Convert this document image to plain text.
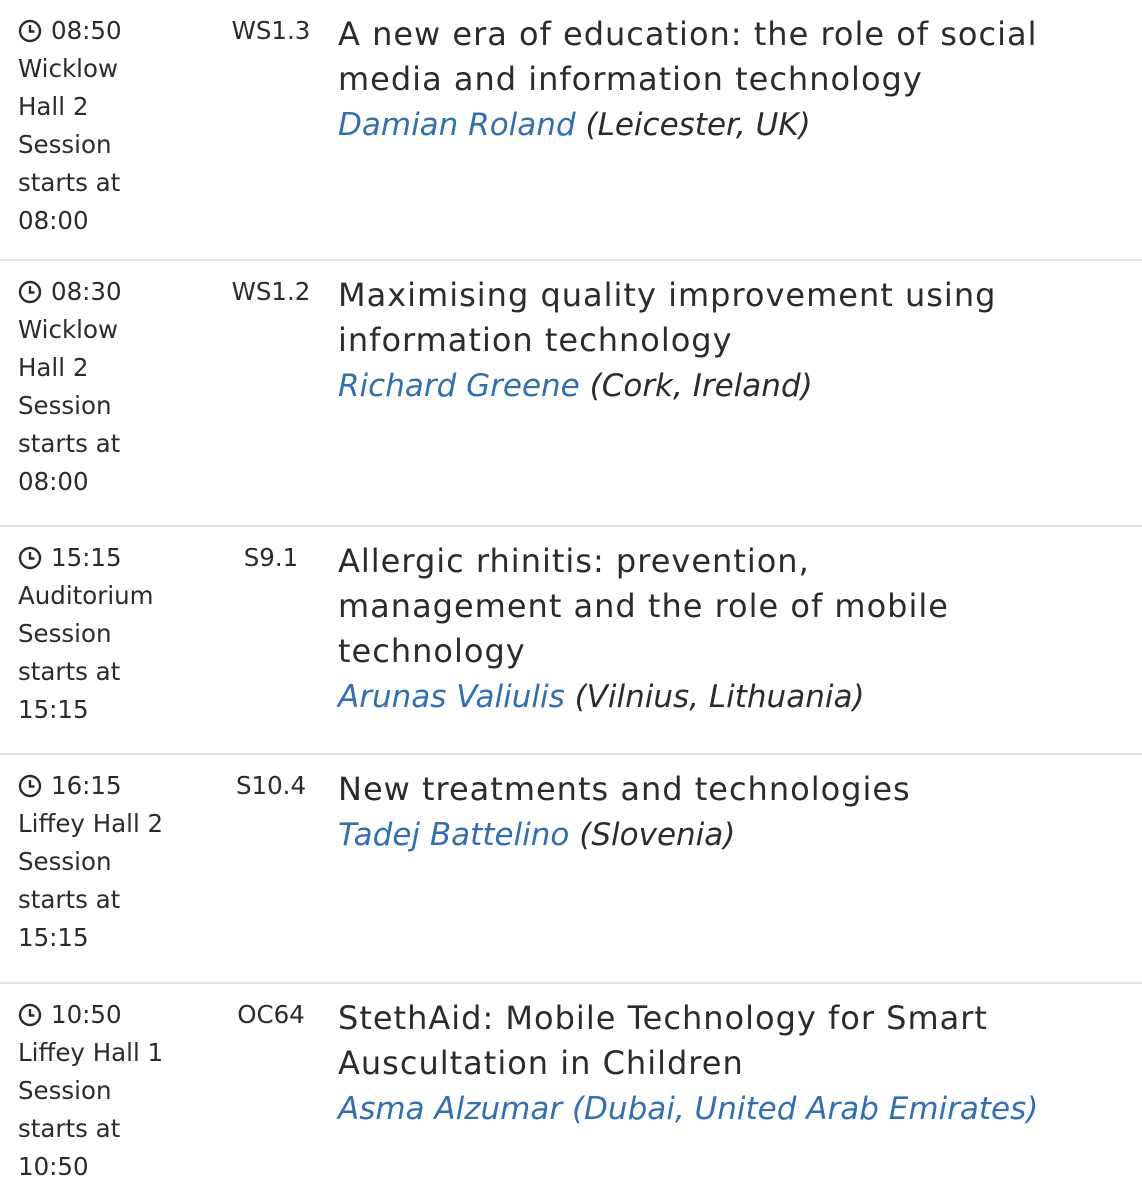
08:50
Wicklow Hall 2
Session starts at 08:00
WS1.3 A new era of education: the role of social media and information technology
Damian Roland (Leicester, UK)
08:30
Wicklow Hall 2
Session starts at 08:00
WS1.2 Maximising quality improvement using information technology
Richard Greene (Cork, Ireland)
15:15
Auditorium
Session starts at 15:15
S9.1	Allergic rhinitis: prevention, management and the role of mobile technology
Arunas Valiulis (Vilnius, Lithuania)
16:15
Liffey Hall 2
Session starts at 15:15
S10.4 New treatments and technologies
Tadej Battelino (Slovenia)
10:50
Liffey Hall 1
Session starts at 10:50
OC64	StethAid: Mobile Technology for Smart Auscultation in Children
Asma Alzumar (Dubai, United Arab Emirates)
